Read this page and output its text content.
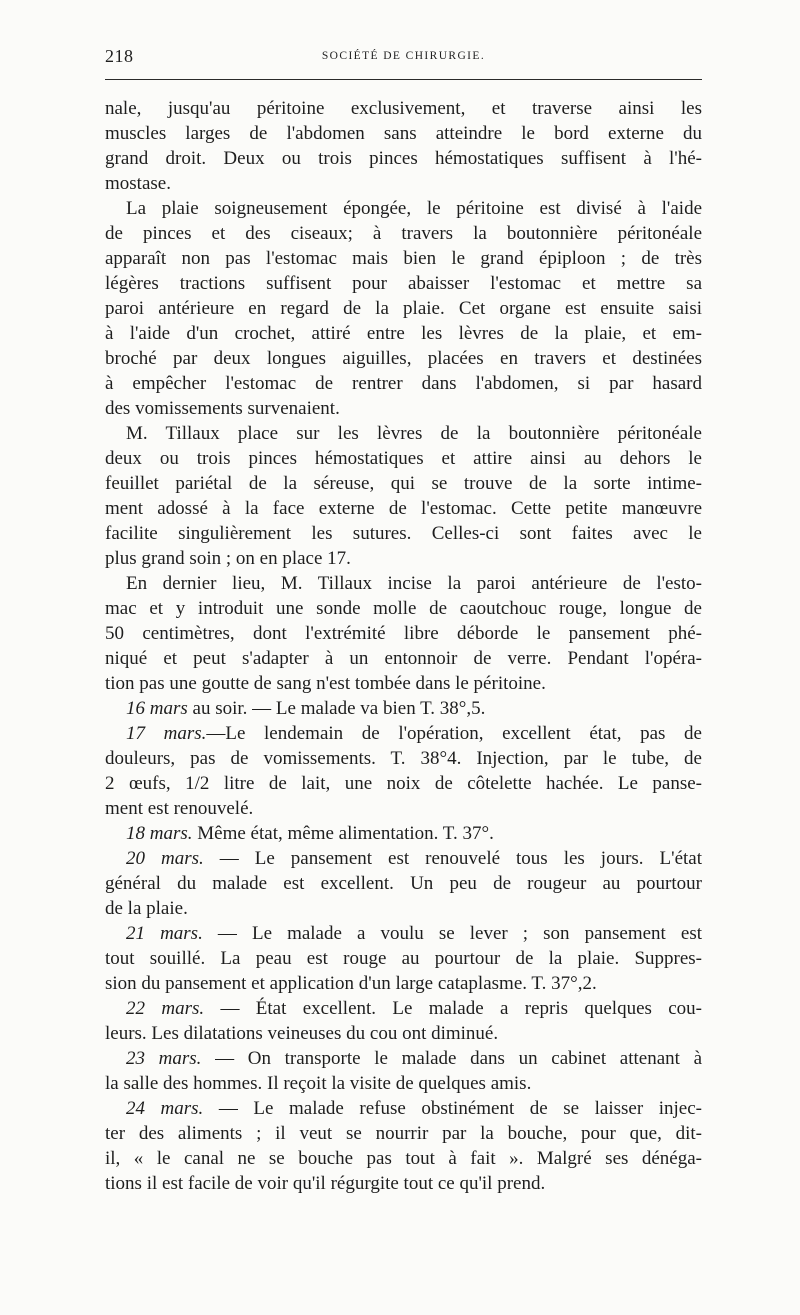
218	SOCIÉTÉ DE CHIRURGIE.
nale, jusqu'au péritoine exclusivement, et traverse ainsi les
muscles larges de l'abdomen sans atteindre le bord externe du
grand droit. Deux ou trois pinces hémostatiques suffisent à l'hé-
mostase.
La plaie soigneusement épongée, le péritoine est divisé à l'aide
de pinces et des ciseaux; à travers la boutonnière péritonéale
apparaît non pas l'estomac mais bien le grand épiploon ; de très
légères tractions suffisent pour abaisser l'estomac et mettre sa
paroi antérieure en regard de la plaie. Cet organe est ensuite saisi
à l'aide d'un crochet, attiré entre les lèvres de la plaie, et em-
broché par deux longues aiguilles, placées en travers et destinées
à empêcher l'estomac de rentrer dans l'abdomen, si par hasard
des vomissements survenaient.
M. Tillaux place sur les lèvres de la boutonnière péritonéale
deux ou trois pinces hémostatiques et attire ainsi au dehors le
feuillet pariétal de la séreuse, qui se trouve de la sorte intime-
ment adossé à la face externe de l'estomac. Cette petite manœuvre
facilite singulièrement les sutures. Celles-ci sont faites avec le
plus grand soin ; on en place 17.
En dernier lieu, M. Tillaux incise la paroi antérieure de l'esto-
mac et y introduit une sonde molle de caoutchouc rouge, longue de
50 centimètres, dont l'extrémité libre déborde le pansement phé-
niqué et peut s'adapter à un entonnoir de verre. Pendant l'opéra-
tion pas une goutte de sang n'est tombée dans le péritoine.
16 mars au soir. — Le malade va bien T. 38°,5.
17 mars.—Le lendemain de l'opération, excellent état, pas de
douleurs, pas de vomissements. T. 38°4. Injection, par le tube, de
2 œufs, 1/2 litre de lait, une noix de côtelette hachée. Le panse-
ment est renouvelé.
18 mars. Même état, même alimentation. T. 37°.
20 mars. — Le pansement est renouvelé tous les jours. L'état
général du malade est excellent. Un peu de rougeur au pourtour
de la plaie.
21 mars. — Le malade a voulu se lever ; son pansement est
tout souillé. La peau est rouge au pourtour de la plaie. Suppres-
sion du pansement et application d'un large cataplasme. T. 37°,2.
22 mars. — État excellent. Le malade a repris quelques cou-
leurs. Les dilatations veineuses du cou ont diminué.
23 mars. — On transporte le malade dans un cabinet attenant à
la salle des hommes. Il reçoit la visite de quelques amis.
24 mars. — Le malade refuse obstinément de se laisser injec-
ter des aliments ; il veut se nourrir par la bouche, pour que, dit-
il, « le canal ne se bouche pas tout à fait ». Malgré ses dénéga-
tions il est facile de voir qu'il régurgite tout ce qu'il prend.
